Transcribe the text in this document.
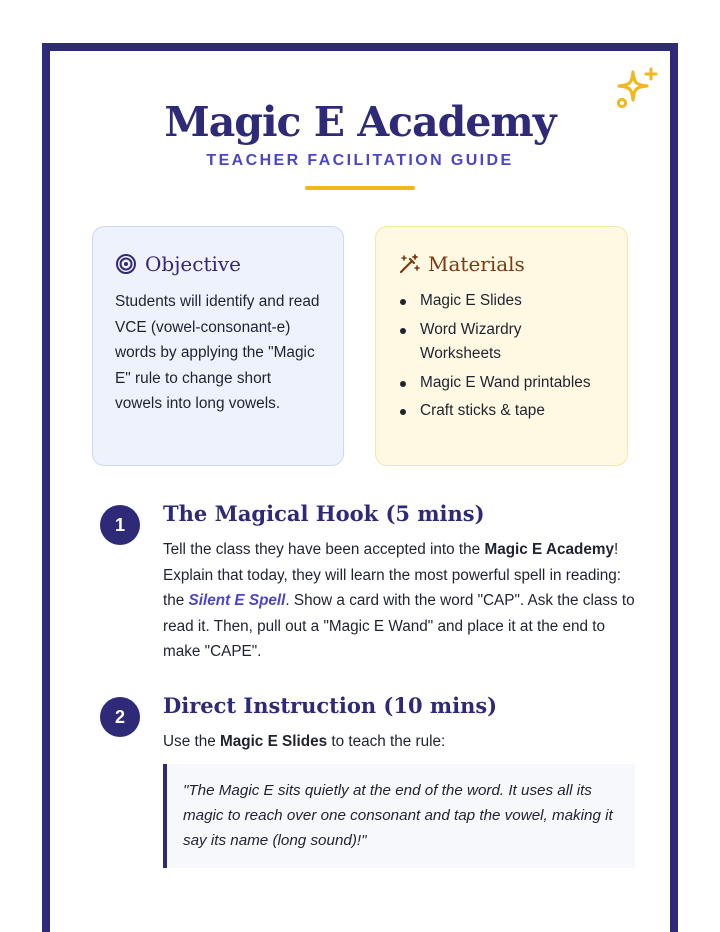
Magic E Academy
TEACHER FACILITATION GUIDE
Objective

Students will identify and read VCE (vowel-consonant-e) words by applying the "Magic E" rule to change short vowels into long vowels.

Materials
Magic E Slides
Word Wizardry Worksheets
Magic E Wand printables
Craft sticks & tape
1	The Magical Hook (5 mins)

Tell the class they have been accepted into the Magic E Academy! Explain that today, they will learn the most powerful spell in reading: the Silent E Spell. Show a card with the word "CAP". Ask the class to read it. Then, pull out a "Magic E Wand" and place it at the end to make "CAPE".

2	Direct Instruction (10 mins)

Use the Magic E Slides to teach the rule:

"The Magic E sits quietly at the end of the word. It uses all its magic to reach over one consonant and tap the vowel, making it say its name (long sound)!"
